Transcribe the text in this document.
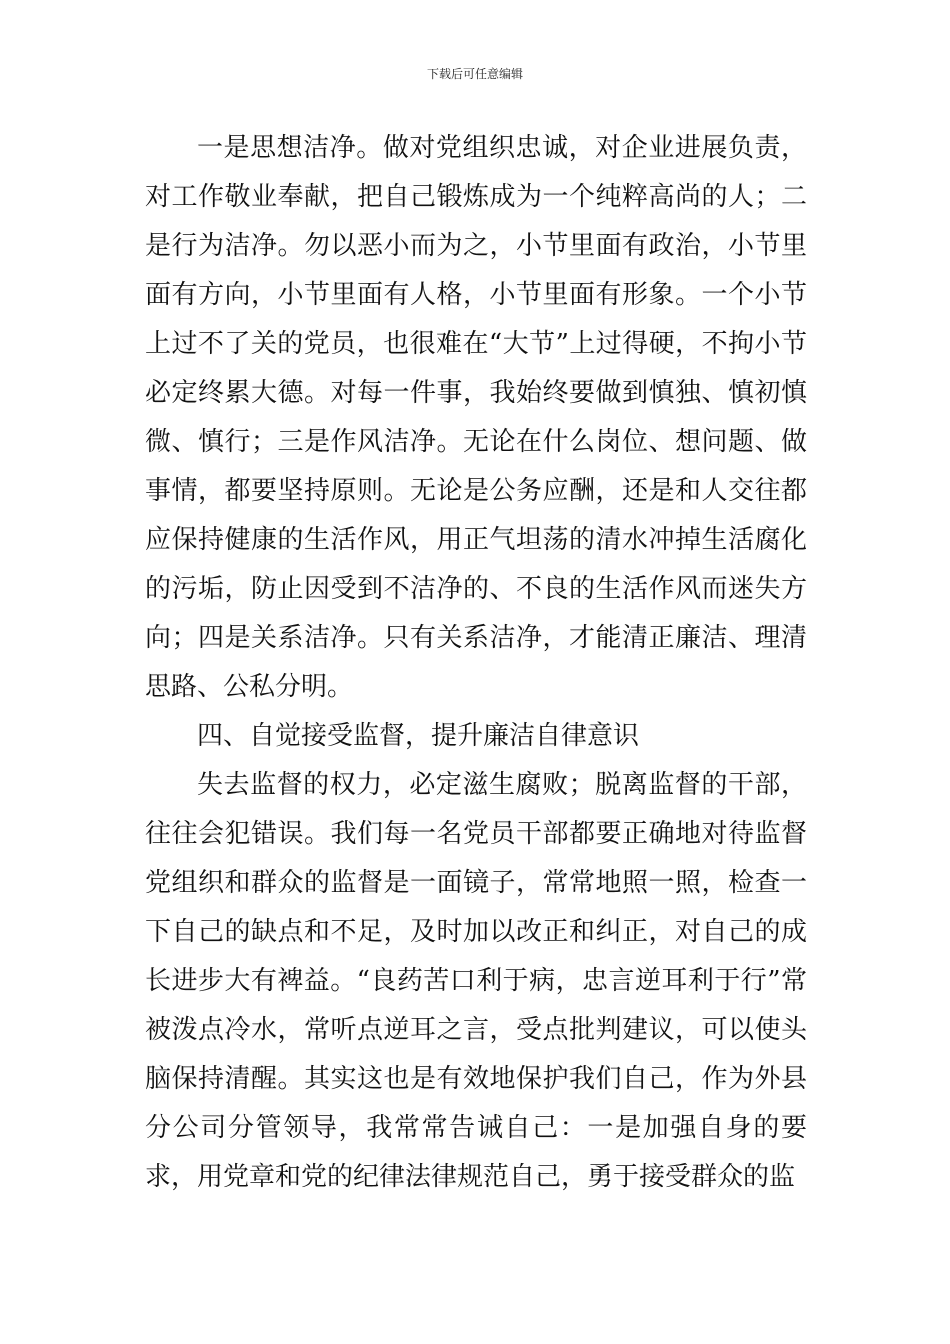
下载后可任意编辑

一是思想洁净。做对党组织忠诚，对企业进展负责，对工作敬业奉献，把自己锻炼成为一个纯粹高尚的人；二是行为洁净。勿以恶小而为之，小节里面有政治，小节里面有方向，小节里面有人格，小节里面有形象。一个小节上过不了关的党员，也很难在“大节”上过得硬，不拘小节必定终累大德。对每一件事，我始终要做到慎独、慎初慎微、慎行；三是作风洁净。无论在什么岗位、想问题、做事情，都要坚持原则。无论是公务应酬，还是和人交往都应保持健康的生活作风，用正气坦荡的清水冲掉生活腐化的污垢，防止因受到不洁净的、不良的生活作风而迷失方向；四是关系洁净。只有关系洁净，才能清正廉洁、理清思路、公私分明。

四、自觉接受监督，提升廉洁自律意识

失去监督的权力，必定滋生腐败；脱离监督的干部，往往会犯错误。我们每一名党员干部都要正确地对待监督党组织和群众的监督是一面镜子，常常地照一照，检查一下自己的缺点和不足，及时加以改正和纠正，对自己的成长进步大有裨益。“良药苦口利于病，忠言逆耳利于行”常被泼点冷水，常听点逆耳之言，受点批判建议，可以使头脑保持清醒。其实这也是有效地保护我们自己，作为外县分公司分管领导，我常常告诫自己：一是加强自身的要求，用党章和党的纪律法律规范自己，勇于接受群众的监
